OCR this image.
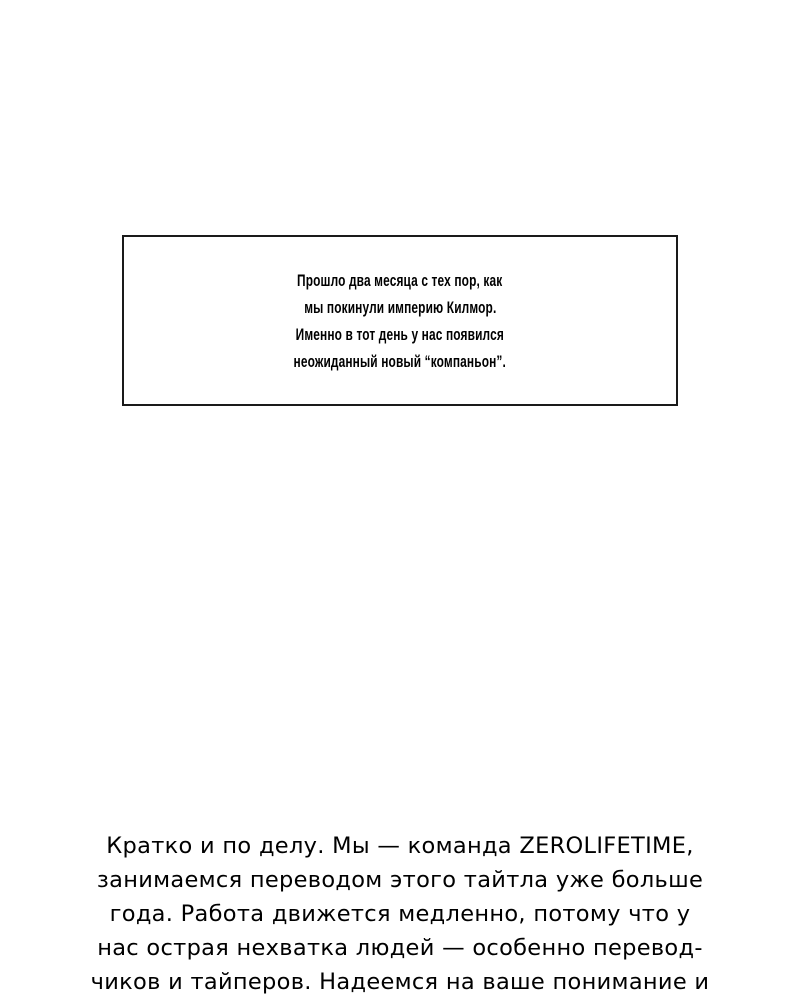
Прошло два месяца с тех пор, как
мы покинули империю Килмор.
Именно в тот день у нас появился
неожиданный новый “компаньон”.
Кратко и по делу. Мы — команда ZEROLIFETIME,
занимаемся переводом этого тайтла уже больше
года. Работа движется медленно, потому что у
нас острая нехватка людей — особенно перевод-
чиков и тайперов. Надеемся на ваше понимание и
